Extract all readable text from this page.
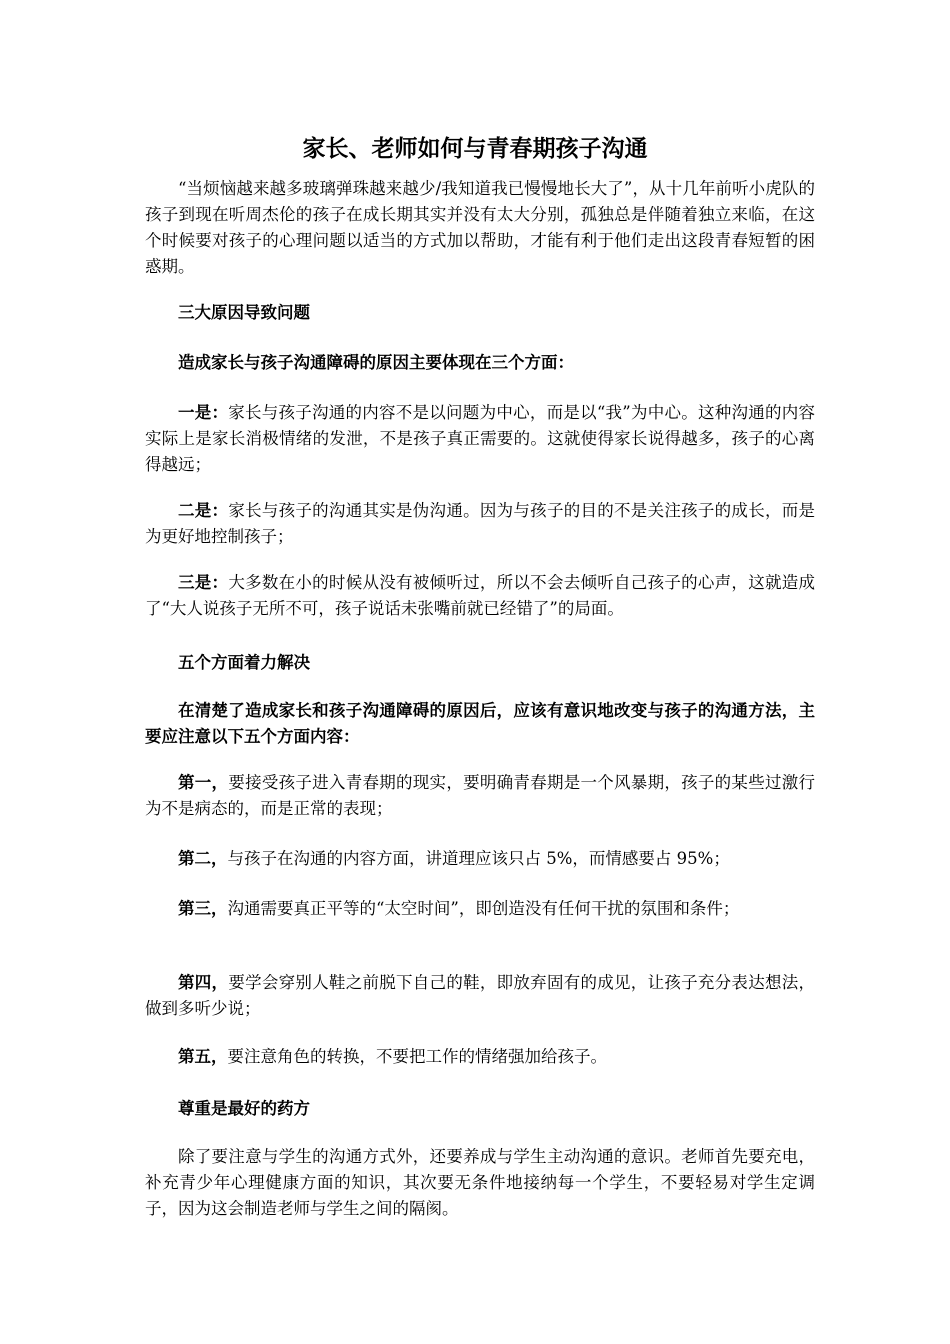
家长、老师如何与青春期孩子沟通

“当烦恼越来越多玻璃弹珠越来越少/我知道我已慢慢地长大了”，从十几年前听小虎队的孩子到现在听周杰伦的孩子在成长期其实并没有太大分别，孤独总是伴随着独立来临，在这个时候要对孩子的心理问题以适当的方式加以帮助，才能有利于他们走出这段青春短暂的困惑期。

三大原因导致问题

造成家长与孩子沟通障碍的原因主要体现在三个方面：

一是：家长与孩子沟通的内容不是以问题为中心，而是以“我”为中心。这种沟通的内容实际上是家长消极情绪的发泄，不是孩子真正需要的。这就使得家长说得越多，孩子的心离得越远；

二是：家长与孩子的沟通其实是伪沟通。因为与孩子的目的不是关注孩子的成长，而是为更好地控制孩子；

三是：大多数在小的时候从没有被倾听过，所以不会去倾听自己孩子的心声，这就造成了“大人说孩子无所不可，孩子说话未张嘴前就已经错了”的局面。

五个方面着力解决

在清楚了造成家长和孩子沟通障碍的原因后，应该有意识地改变与孩子的沟通方法，主要应注意以下五个方面内容：

第一，要接受孩子进入青春期的现实，要明确青春期是一个风暴期，孩子的某些过激行为不是病态的，而是正常的表现；

第二，与孩子在沟通的内容方面，讲道理应该只占 5%，而情感要占 95%；

第三，沟通需要真正平等的“太空时间”，即创造没有任何干扰的氛围和条件；

第四，要学会穿别人鞋之前脱下自己的鞋，即放弃固有的成见，让孩子充分表达想法，做到多听少说；

第五，要注意角色的转换，不要把工作的情绪强加给孩子。

尊重是最好的药方

除了要注意与学生的沟通方式外，还要养成与学生主动沟通的意识。老师首先要充电，补充青少年心理健康方面的知识，其次要无条件地接纳每一个学生，不要轻易对学生定调子，因为这会制造老师与学生之间的隔阂。
